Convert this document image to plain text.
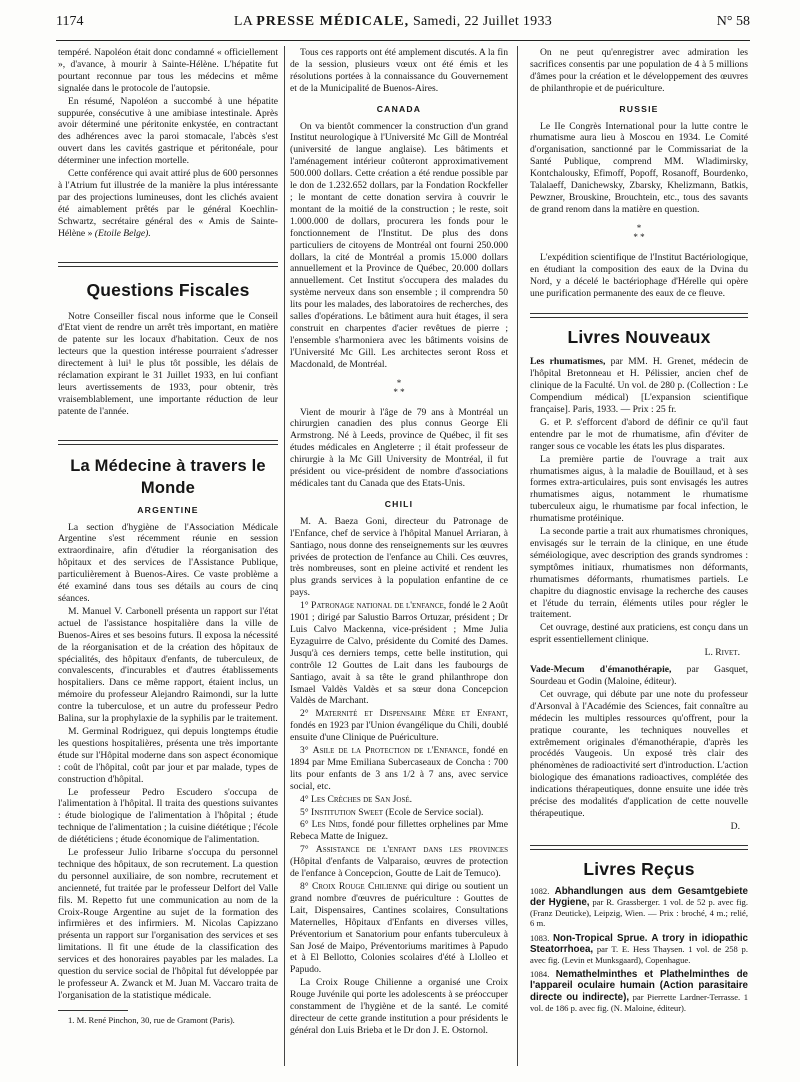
1174	LA PRESSE MÉDICALE, Samedi, 22 Juillet 1933	N° 58

tempéré. Napoléon était donc condamné « officiellement », d'avance, à mourir à Sainte-Hélène. L'hépatite fut pourtant reconnue par tous les médecins et même signalée dans le protocole de l'autopsie.

En résumé, Napoléon a succombé à une hépatite suppurée, consécutive à une amibiase intestinale. Après avoir déterminé une péritonite enkystée, en contractant des adhérences avec la paroi stomacale, l'abcès s'est ouvert dans les cavités gastrique et péritonéale, pour déterminer une infection mortelle.

Cette conférence qui avait attiré plus de 600 personnes à l'Atrium fut illustrée de la manière la plus intéressante par des projections lumineuses, dont les clichés avaient été aimablement prêtés par le général Koechlin-Schwartz, secrétaire général des « Amis de Sainte-Hélène » (Etoile Belge).

Questions Fiscales

Notre Conseiller fiscal nous informe que le Conseil d'Etat vient de rendre un arrêt très important, en matière de patente sur les locaux d'habitation. Ceux de nos lecteurs que la question intéresse pourraient s'adresser directement à lui¹ le plus tôt possible, les délais de réclamation expirant le 31 Juillet 1933, en lui confiant leurs avertissements de 1933, pour obtenir, très vraisemblablement, une importante réduction de leur patente de l'année.

La Médecine à travers le Monde
ARGENTINE

La section d'hygiène de l'Association Médicale Argentine s'est récemment réunie en session extraordinaire, afin d'étudier la réorganisation des hôpitaux et des services de l'Assistance Publique, particulièrement à Buenos-Aires. Ce vaste problème a été examiné dans tous ses détails au cours de cinq séances.

M. Manuel V. Carbonell présenta un rapport sur l'état actuel de l'assistance hospitalière dans la ville de Buenos-Aires et ses besoins futurs. Il exposa la nécessité de la réorganisation et de la création des hôpitaux de spécialités, des hôpitaux d'enfants, de tuberculeux, de convalescents, d'incurables et d'autres établissements hospitaliers. Dans ce même rapport, étaient inclus, un mémoire du professeur Alejandro Raimondi, sur la lutte contre la tuberculose, et un autre du professeur Pedro Balina, sur la prophylaxie de la syphilis par le traitement.

M. Germinal Rodriguez, qui depuis longtemps étudie les questions hospitalières, présenta une très importante étude sur l'Hôpital moderne dans son aspect économique : coût de l'hôpital, coût par jour et par malade, types de construction d'hôpital.

Le professeur Pedro Escudero s'occupa de l'alimentation à l'hôpital. Il traita des questions suivantes : étude biologique de l'alimentation à l'hôpital ; étude technique de l'alimentation ; la cuisine diététique ; l'école de diététiciens ; étude économique de l'alimentation.

Le professeur Julio Iribarne s'occupa du personnel technique des hôpitaux, de son recrutement. La question du personnel auxiliaire, de son nombre, recrutement et ancienneté, fut traitée par le professeur Delfort del Valle fils. M. Repetto fut une communication au nom de la Croix-Rouge Argentine au sujet de la formation des infirmières et des infirmiers. M. Nicolas Capizzano présenta un rapport sur l'organisation des services et ses limitations. Il fit une étude de la classification des services et des honoraires payables par les malades. La question du service social de l'hôpital fut développée par le professeur A. Zwanck et M. Juan M. Vaccaro traita de l'organisation de la statistique médicale.

1. M. René Pinchon, 30, rue de Gramont (Paris).

Tous ces rapports ont été amplement discutés. A la fin de la session, plusieurs vœux ont été émis et les résolutions portées à la connaissance du Gouvernement et de la Municipalité de Buenos-Aires.

CANADA

On va bientôt commencer la construction d'un grand Institut neurologique à l'Université Mc Gill de Montréal (université de langue anglaise). Les bâtiments et l'aménagement intérieur coûteront approximativement 500.000 dollars. Cette création a été rendue possible par le don de 1.232.652 dollars, par la Fondation Rockfeller ; le montant de cette donation servira à couvrir le montant de la moitié de la construction ; le reste, soit 1.000.000 de dollars, procurera les fonds pour le fonctionnement de l'Institut. De plus des dons particuliers de citoyens de Montréal ont fourni 250.000 dollars, la cité de Montréal a promis 15.000 dollars annuellement et la Province de Québec, 20.000 dollars annuellement. Cet Institut s'occupera des malades du système nerveux dans son ensemble ; il comprendra 50 lits pour les malades, des laboratoires de recherches, des salles d'opérations. Le bâtiment aura huit étages, il sera construit en charpentes d'acier revêtues de pierre ; l'ensemble s'harmoniera avec les bâtiments voisins de l'Université Mc Gill. Les architectes seront Ross et Macdonald, de Montréal.

*
* *

Vient de mourir à l'âge de 79 ans à Montréal un chirurgien canadien des plus connus George Eli Armstrong. Né à Leeds, province de Québec, il fit ses études médicales en Angleterre ; il était professeur de chirurgie à la Mc Gill University de Montréal, il fut président ou vice-président de nombre d'associations médicales tant du Canada que des Etats-Unis.

CHILI

M. A. Baeza Goni, directeur du Patronage de l'Enfance, chef de service à l'hôpital Manuel Arriaran, à Santiago, nous donne des renseignements sur les œuvres privées de protection de l'enfance au Chili. Ces œuvres, très nombreuses, sont en pleine activité et rendent les plus grands services à la population enfantine de ce pays.

1° Patronage national de l'enfance, fondé le 2 Août 1901 ; dirigé par Salustio Barros Ortuzar, président ; Dr Luis Calvo Mackenna, vice-président ; Mme Julia Eyzaguirre de Calvo, présidente du Comité des Dames. Jusqu'à ces derniers temps, cette belle institution, qui contrôle 12 Gouttes de Lait dans les faubourgs de Santiago, avait à sa tête le grand philanthrope don Ismael Valdès Valdès et sa sœur dona Concepcion Valdès de Marchant.

2° Maternité et Dispensaire Mère et Enfant, fondés en 1923 par l'Union évangélique du Chili, doublé ensuite d'une Clinique de Puériculture.

3° Asile de la Protection de l'Enfance, fondé en 1894 par Mme Emiliana Subercaseaux de Concha : 700 lits pour enfants de 3 ans 1/2 à 7 ans, avec service social, etc.

4° Les Crèches de San José.

5° Institution Sweet (Ecole de Service social).

6° Les Nids, fondé pour fillettes orphelines par Mme Rebeca Matte de Iniguez.

7° Assistance de l'enfant dans les provinces (Hôpital d'enfants de Valparaiso, œuvres de protection de l'enfance à Concepcion, Goutte de Lait de Temuco).

8° Croix Rouge Chilienne qui dirige ou soutient un grand nombre d'œuvres de puériculture : Gouttes de Lait, Dispensaires, Cantines scolaires, Consultations Maternelles, Hôpitaux d'Enfants en diverses villes, Préventorium et Sanatorium pour enfants tuberculeux à San José de Maipo, Préventoriums maritimes à Papudo et à El Bellotto, Colonies scolaires d'été à Llolleo et Papudo.

La Croix Rouge Chilienne a organisé une Croix Rouge Juvénile qui porte les adolescents à se préoccuper constamment de l'hygiène et de la santé. Le comité directeur de cette grande institution a pour présidents le général don Luis Brieba et le Dr don J. E. Ostornol.

On ne peut qu'enregistrer avec admiration les sacrifices consentis par une population de 4 à 5 millions d'âmes pour la création et le développement des œuvres de philanthropie et de puériculture.

RUSSIE

Le IIe Congrès International pour la lutte contre le rhumatisme aura lieu à Moscou en 1934. Le Comité d'organisation, sanctionné par le Commissariat de la Santé Publique, comprend MM. Wladimirsky, Kontchalousky, Efimoff, Popoff, Rosanoff, Bourdenko, Talalaeff, Danichewsky, Zbarsky, Khelizmann, Batkis, Pewzner, Brouskine, Brouchtein, etc., tous des savants de grand renom dans la matière en question.

*
* *

L'expédition scientifique de l'Institut Bactériologique, en étudiant la composition des eaux de la Dvina du Nord, y a décelé le bactériophage d'Hérelle qui opère une purification permanente des eaux de ce fleuve.

Livres Nouveaux

Les rhumatismes, par MM. H. Grenet, médecin de l'hôpital Bretonneau et H. Pélissier, ancien chef de clinique de la Faculté. Un vol. de 280 p. (Collection : Le Compendium médical) [L'expansion scientifique française]. Paris, 1933. — Prix : 25 fr.

G. et P. s'efforcent d'abord de définir ce qu'il faut entendre par le mot de rhumatisme, afin d'éviter de ranger sous ce vocable les états les plus disparates.

La première partie de l'ouvrage a trait aux rhumatismes aigus, à la maladie de Bouillaud, et à ses formes extra-articulaires, puis sont envisagés les autres rhumatismes aigus, notamment le rhumatisme tuberculeux aigu, le rhumatisme par focal infection, le rhumatisme protéinique.

La seconde partie a trait aux rhumatismes chroniques, envisagés sur le terrain de la clinique, en une étude séméiologique, avec description des grands syndromes : symptômes initiaux, rhumatismes non déformants, rhumatismes déformants, rhumatismes partiels. Le chapitre du diagnostic envisage la recherche des causes et l'étude du terrain, éléments utiles pour régler le traitement.

Cet ouvrage, destiné aux praticiens, est conçu dans un esprit essentiellement clinique.

L. Rivet.

Vade-Mecum d'émanothérapie, par Gasquet, Sourdeau et Godin (Maloine, éditeur).

Cet ouvrage, qui débute par une note du professeur d'Arsonval à l'Académie des Sciences, fait connaître au médecin les multiples ressources qu'offrent, pour la pratique courante, les techniques nouvelles et extrêmement originales d'émanothérapie, d'après les procédés Vaugeois. Un exposé très clair des phénomènes de radioactivité sert d'introduction. L'action biologique des émanations radioactives, complétée des indications thérapeutiques, donne ensuite une idée très précise des modalités d'application de cette nouvelle thérapeutique.

D.

Livres Reçus

1082. Abhandlungen aus dem Gesamtgebiete der Hygiene, par R. Grassberger. 1 vol. de 52 p. avec fig. (Franz Deuticke), Leipzig, Wien. — Prix : broché, 4 m.; relié, 6 m.

1083. Non-Tropical Sprue. A trory in idiopathic Steatorrhoea, par T. E. Hess Thaysen. 1 vol. de 258 p. avec fig. (Levin et Munksgaard), Copenhague.

1084. Nemathelminthes et Plathelminthes de l'appareil oculaire humain (Action parasitaire directe ou indirecte), par Pierrette Lardner-Terrasse. 1 vol. de 186 p. avec fig. (N. Maloine, éditeur).
